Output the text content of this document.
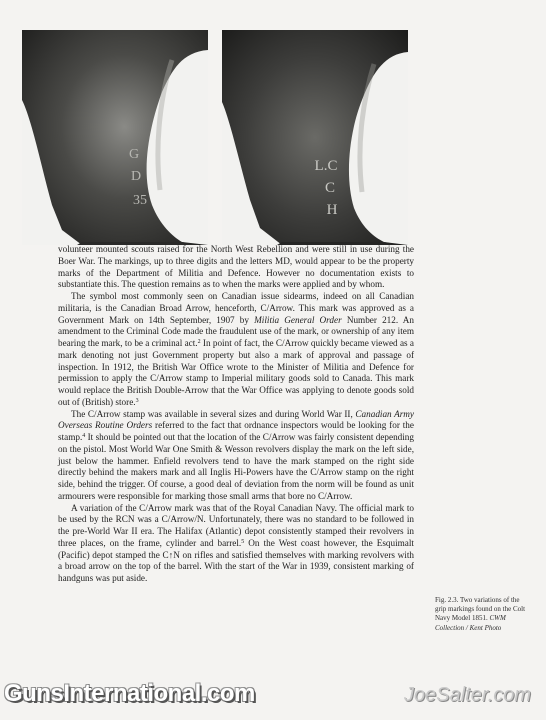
G
D
35
L.C
C
H

volunteer mounted scouts raised for the North West Rebellion and were still in use during the Boer War. The markings, up to three digits and the letters MD, would appear to be the property marks of the Department of Militia and Defence. However no documentation exists to substantiate this. The question remains as to when the marks were applied and by whom.

The symbol most commonly seen on Canadian issue sidearms, indeed on all Canadian militaria, is the Canadian Broad Arrow, henceforth, C/Arrow. This mark was approved as a Government Mark on 14th September, 1907 by Militia General Order Number 212. An amendment to the Criminal Code made the fraudulent use of the mark, or ownership of any item bearing the mark, to be a criminal act.$^2$ In point of fact, the C/Arrow quickly became viewed as a mark denoting not just Government property but also a mark of approval and passage of inspection. In 1912, the British War Office wrote to the Minister of Militia and Defence for permission to apply the C/Arrow stamp to Imperial military goods sold to Canada. This mark would replace the British Double-Arrow that the War Office was applying to denote goods sold out of (British) store.$^3$

The C/Arrow stamp was available in several sizes and during World War II, Canadian Army Overseas Routine Orders referred to the fact that ordnance inspectors would be looking for the stamp.$^4$ It should be pointed out that the location of the C/Arrow was fairly consistent depending on the pistol. Most World War One Smith & Wesson revolvers display the mark on the left side, just below the hammer. Enfield revolvers tend to have the mark stamped on the right side directly behind the makers mark and all Inglis Hi-Powers have the C/Arrow stamp on the right side, behind the trigger. Of course, a good deal of deviation from the norm will be found as unit armourers were responsible for marking those small arms that bore no C/Arrow.

A variation of the C/Arrow mark was that of the Royal Canadian Navy. The official mark to be used by the RCN was a C/Arrow/N. Unfortunately, there was no standard to be followed in the pre-World War II era. The Halifax (Atlantic) depot consistently stamped their revolvers in three places, on the frame, cylinder and barrel.$^5$ On the West coast however, the Esquimalt (Pacific) depot stamped the C↑N on rifles and satisfied themselves with marking revolvers with a broad arrow on the top of the barrel. With the start of the War in 1939, consistent marking of handguns was put aside.

Fig. 2.3. Two variations of the grip markings found on the Colt Navy Model 1851. CWM Collection / Kent Photo
GunsInternational.com	JoeSalter.com
